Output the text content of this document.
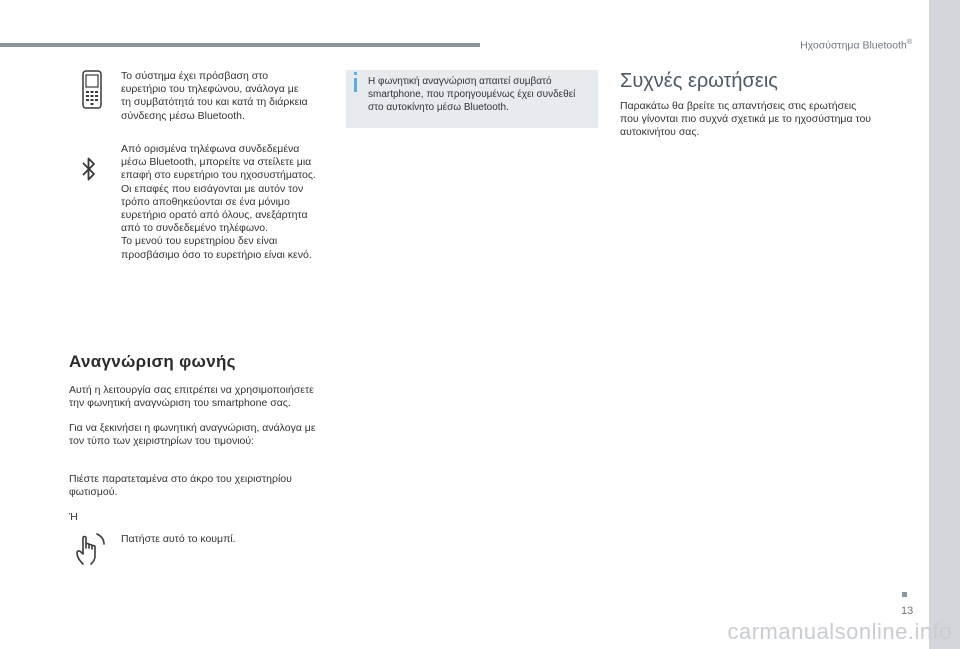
Ηχοσύστημα Bluetooth®
Το σύστημα έχει πρόσβαση στο
ευρετήριο του τηλεφώνου, ανάλογα με
τη συμβατότητά του και κατά τη διάρκεια
σύνδεσης μέσω Bluetooth.
Από ορισμένα τηλέφωνα συνδεδεμένα
μέσω Bluetooth, μπορείτε να στείλετε μια
επαφή στο ευρετήριο του ηχοσυστήματος.
Οι επαφές που εισάγονται με αυτόν τον
τρόπο αποθηκεύονται σε ένα μόνιμο
ευρετήριο ορατό από όλους, ανεξάρτητα
από το συνδεδεμένο τηλέφωνο.
Το μενού του ευρετηρίου δεν είναι
προσβάσιμο όσο το ευρετήριο είναι κενό.
Αναγνώριση φωνής
Αυτή η λειτουργία σας επιτρέπει να χρησιμοποιήσετε
την φωνητική αναγνώριση του smartphone σας.
Για να ξεκινήσει η φωνητική αναγνώριση, ανάλογα με
τον τύπο των χειριστηρίων του τιμονιού:
Πιέστε παρατεταμένα στο άκρο του χειριστηρίου
φωτισμού.
Ή
Πατήστε αυτό το κουμπί.
Η φωνητική αναγνώριση απαιτεί συμβατό
smartphone, που προηγουμένως έχει συνδεθεί
στο αυτοκίνητο μέσω Bluetooth.
Συχνές ερωτήσεις
Παρακάτω θα βρείτε τις απαντήσεις στις ερωτήσεις
που γίνονται πιο συχνά σχετικά με το ηχοσύστημα του
αυτοκινήτου σας.
13
carmanualsonline.info
